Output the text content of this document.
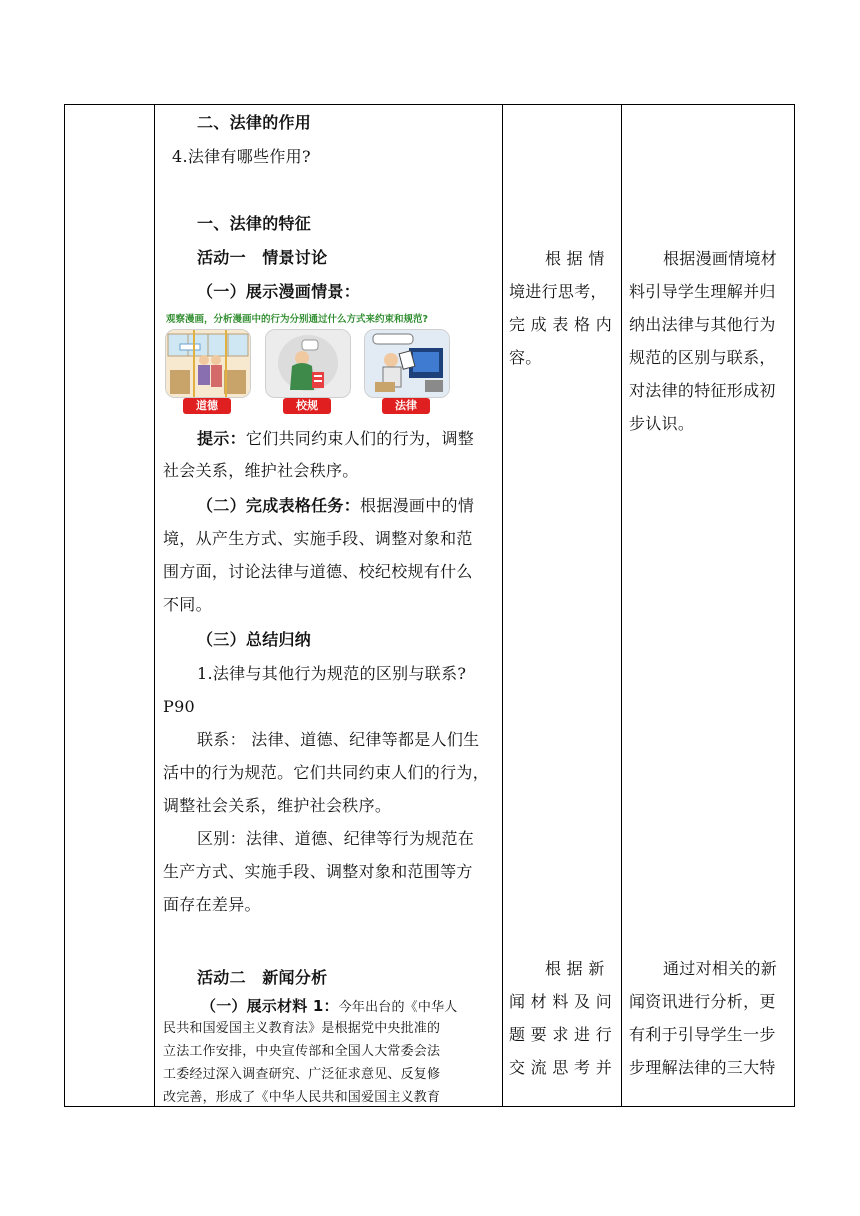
二、法律的作用
4.法律有哪些作用?
一、法律的特征
活动一　情景讨论
（一）展示漫画情景：
观察漫画，分析漫画中的行为分别通过什么方式来约束和规范?
道德	校规	法律
提示：它们共同约束人们的行为，调整
社会关系，维护社会秩序。
（二）完成表格任务：根据漫画中的情
境，从产生方式、实施手段、调整对象和范
围方面，讨论法律与道德、校纪校规有什么
不同。
（三）总结归纳
1.法律与其他行为规范的区别与联系?
P90
联系： 法律、道德、纪律等都是人们生
活中的行为规范。它们共同约束人们的行为，
调整社会关系，维护社会秩序。
区别：法律、道德、纪律等行为规范在
生产方式、实施手段、调整对象和范围等方
面存在差异。
活动二　新闻分析
（一）展示材料 1：今年出台的《中华人
民共和国爱国主义教育法》是根据党中央批准的
立法工作安排，中央宣传部和全国人大常委会法
工委经过深入调查研究、广泛征求意见、反复修
改完善，形成了《中华人民共和国爱国主义教育
根 据 情
境进行思考，
完 成 表 格 内
容。
根 据 新
闻 材 料 及 问
题 要 求 进 行
交 流 思 考 并
根据漫画情境材
料引导学生理解并归
纳出法律与其他行为
规范的区别与联系，
对法律的特征形成初
步认识。
通过对相关的新
闻资讯进行分析，更
有利于引导学生一步
步理解法律的三大特
